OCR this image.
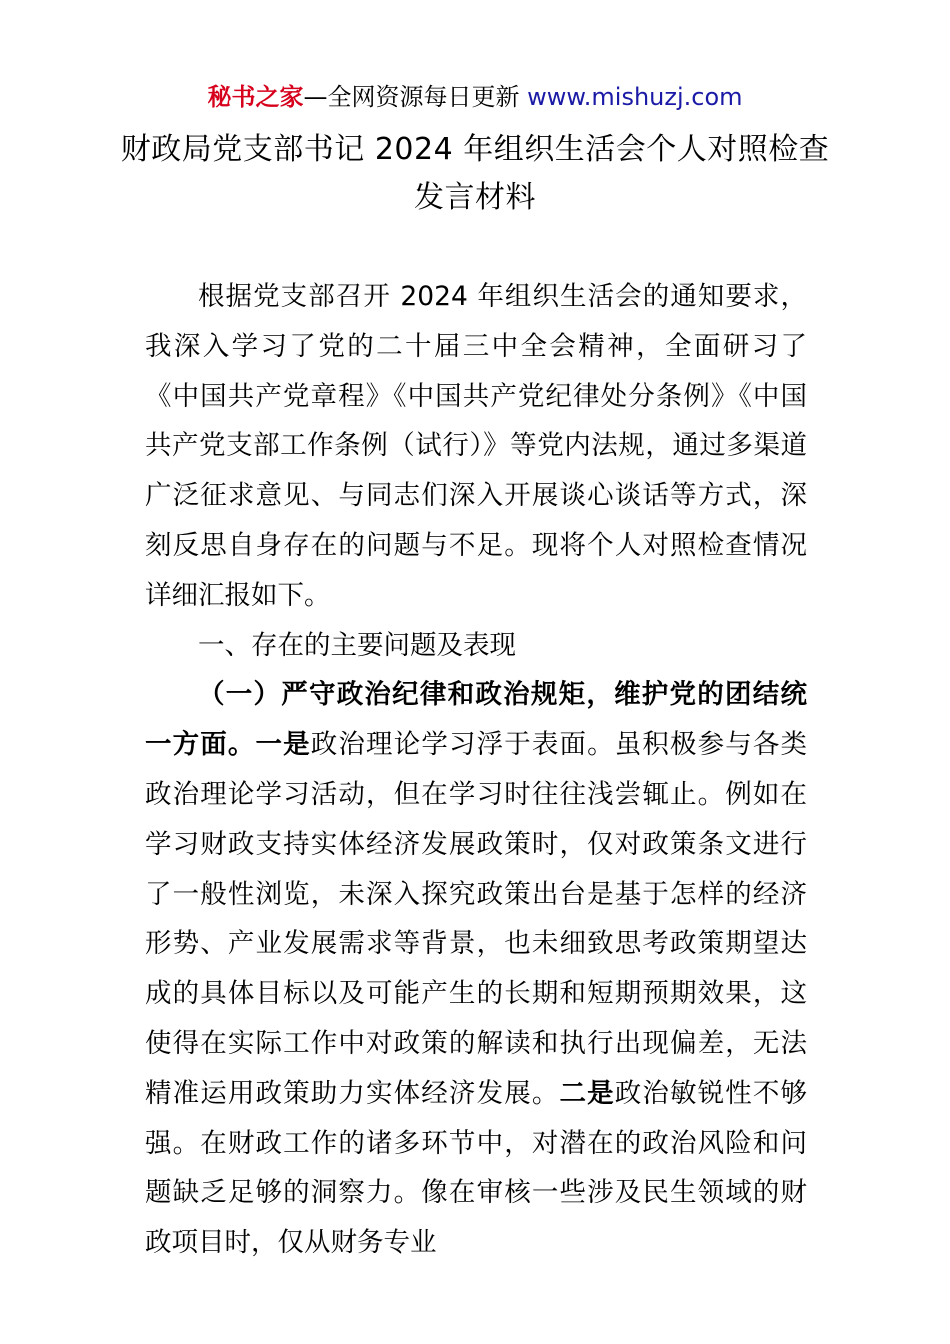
秘书之家—全网资源每日更新 www.mishuzj.com
财政局党支部书记 2024 年组织生活会个人对照检查发言材料

根据党支部召开 2024 年组织生活会的通知要求，我深入学习了党的二十届三中全会精神，全面研习了《中国共产党章程》《中国共产党纪律处分条例》《中国共产党支部工作条例（试行）》等党内法规，通过多渠道广泛征求意见、与同志们深入开展谈心谈话等方式，深刻反思自身存在的问题与不足。现将个人对照检查情况详细汇报如下。

一、存在的主要问题及表现

（一）严守政治纪律和政治规矩，维护党的团结统一方面。一是政治理论学习浮于表面。虽积极参与各类政治理论学习活动，但在学习时往往浅尝辄止。例如在学习财政支持实体经济发展政策时，仅对政策条文进行了一般性浏览，未深入探究政策出台是基于怎样的经济形势、产业发展需求等背景，也未细致思考政策期望达成的具体目标以及可能产生的长期和短期预期效果，这使得在实际工作中对政策的解读和执行出现偏差，无法精准运用政策助力实体经济发展。二是政治敏锐性不够强。在财政工作的诸多环节中，对潜在的政治风险和问题缺乏足够的洞察力。像在审核一些涉及民生领域的财政项目时，仅从财务专业
